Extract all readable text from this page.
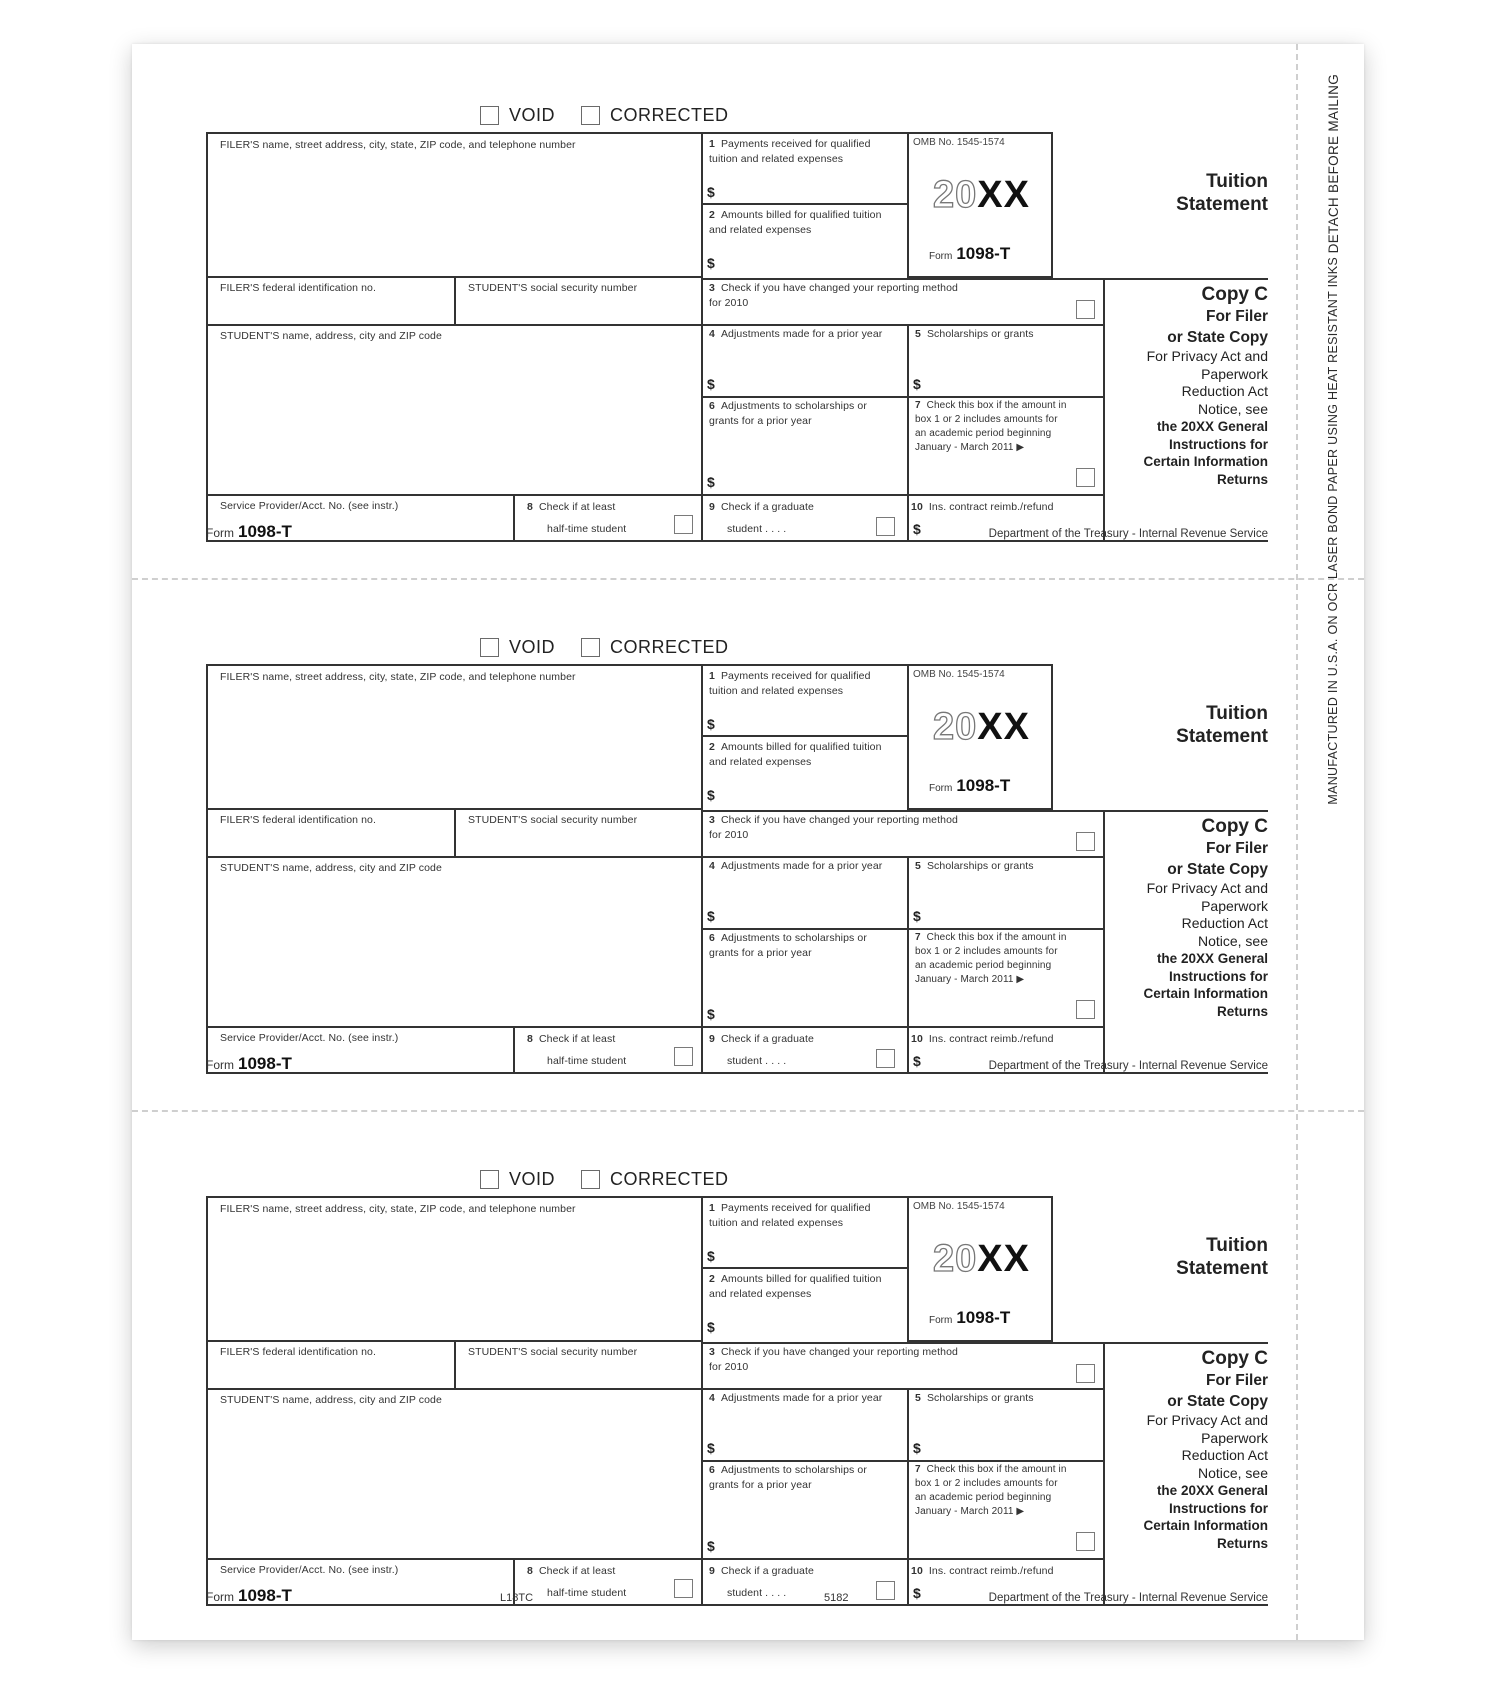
DETACH BEFORE MAILING
MANUFACTURED IN U.S.A. ON OCR LASER BOND PAPER USING HEAT RESISTANT INKS
VOID	CORRECTED
FILER'S name, street address, city, state, ZIP code, and telephone number	1 Payments received for qualified tuition and related expenses
$
2 Amounts billed for qualified tuition and related expenses
$
OMB No. 1545-1574
20XX
Form 1098-T
Tuition
Statement
FILER'S federal identification no.	STUDENT'S social security number	3 Check if you have changed your reporting method for 2010
STUDENT'S name, address, city and ZIP code	4 Adjustments made for a prior year
$
5 Scholarships or grants
$
6 Adjustments to scholarships or grants for a prior year
$
7 Check this box if the amount in box 1 or 2 includes amounts for an academic period beginning January - March 2011 ▶
Service Provider/Acct. No. (see instr.)	8 Check if at least
half-time student
9 Check if a graduate
student . . . .
10 Ins. contract reimb./refund
$
Copy C
For Filer
or State Copy
For Privacy Act and
Paperwork
Reduction Act
Notice, see
the 20XX General
Instructions for
Certain Information
Returns
Form 1098-T	Department of the Treasury - Internal Revenue Service
VOID	CORRECTED
FILER'S name, street address, city, state, ZIP code, and telephone number	1 Payments received for qualified tuition and related expenses
$
2 Amounts billed for qualified tuition and related expenses
$
OMB No. 1545-1574
20XX
Form 1098-T
Tuition
Statement
FILER'S federal identification no.	STUDENT'S social security number	3 Check if you have changed your reporting method for 2010
STUDENT'S name, address, city and ZIP code	4 Adjustments made for a prior year
$
5 Scholarships or grants
$
6 Adjustments to scholarships or grants for a prior year
$
7 Check this box if the amount in box 1 or 2 includes amounts for an academic period beginning January - March 2011 ▶
Service Provider/Acct. No. (see instr.)	8 Check if at least
half-time student
9 Check if a graduate
student . . . .
10 Ins. contract reimb./refund
$
Copy C
For Filer
or State Copy
For Privacy Act and
Paperwork
Reduction Act
Notice, see
the 20XX General
Instructions for
Certain Information
Returns
Form 1098-T	Department of the Treasury - Internal Revenue Service
VOID	CORRECTED
FILER'S name, street address, city, state, ZIP code, and telephone number	1 Payments received for qualified tuition and related expenses
$
2 Amounts billed for qualified tuition and related expenses
$
OMB No. 1545-1574
20XX
Form 1098-T
Tuition
Statement
FILER'S federal identification no.	STUDENT'S social security number	3 Check if you have changed your reporting method for 2010
STUDENT'S name, address, city and ZIP code	4 Adjustments made for a prior year
$
5 Scholarships or grants
$
6 Adjustments to scholarships or grants for a prior year
$
7 Check this box if the amount in box 1 or 2 includes amounts for an academic period beginning January - March 2011 ▶
Service Provider/Acct. No. (see instr.)	8 Check if at least
half-time student
9 Check if a graduate
student . . . .
10 Ins. contract reimb./refund
$
Copy C
For Filer
or State Copy
For Privacy Act and
Paperwork
Reduction Act
Notice, see
the 20XX General
Instructions for
Certain Information
Returns
Form 1098-T	L18TC	5182	Department of the Treasury - Internal Revenue Service
